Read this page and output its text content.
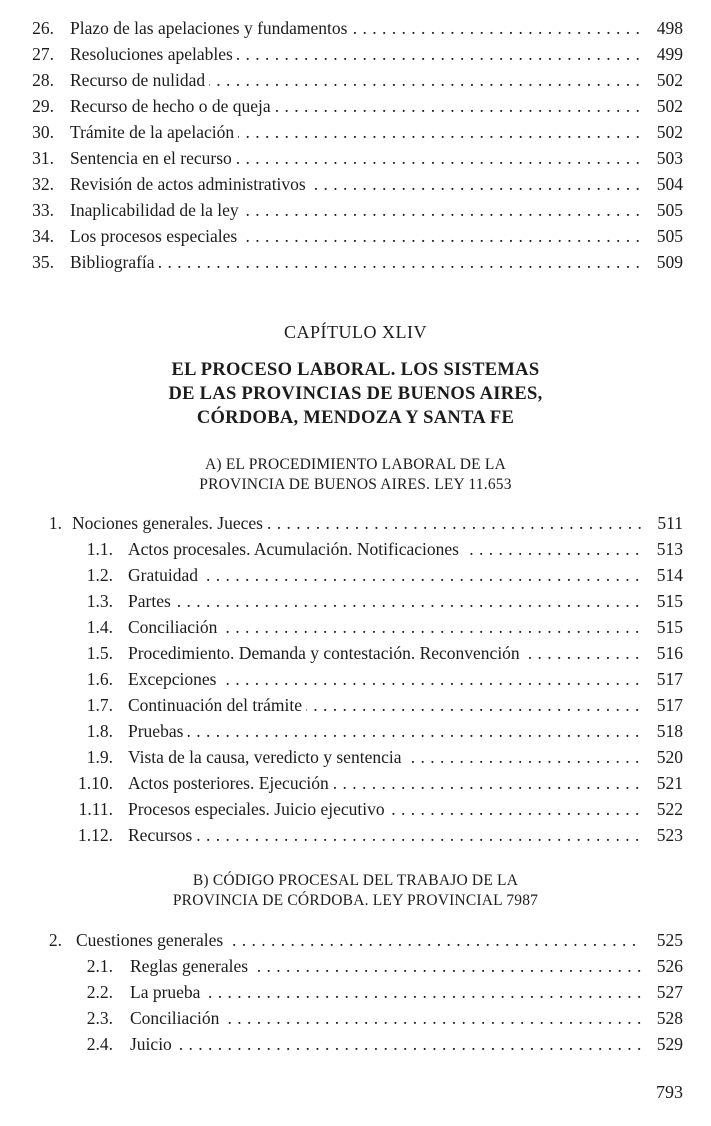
26. Plazo de las apelaciones y fundamentos . . .	498
27. Resoluciones apelables . . .	499
28. Recurso de nulidad . . .	502
29. Recurso de hecho o de queja . . .	502
30. Trámite de la apelación . . .	502
31. Sentencia en el recurso . . .	503
32. Revisión de actos administrativos . . .	504
33. Inaplicabilidad de la ley . . .	505
34. Los procesos especiales . . .	505
35. Bibliografía . . .	509
CAPÍTULO XLIV
EL PROCESO LABORAL. LOS SISTEMAS
DE LAS PROVINCIAS DE BUENOS AIRES,
CÓRDOBA, MENDOZA Y SANTA FE
A) EL PROCEDIMIENTO LABORAL DE LA
PROVINCIA DE BUENOS AIRES. LEY 11.653
1. Nociones generales. Jueces . . .	511
1.1. Actos procesales. Acumulación. Notificaciones . . .	513
1.2. Gratuidad . . .	514
1.3. Partes . . .	515
1.4. Conciliación . . .	515
1.5. Procedimiento. Demanda y contestación. Reconvención . . .	516
1.6. Excepciones . . .	517
1.7. Continuación del trámite . . .	517
1.8. Pruebas . . .	518
1.9. Vista de la causa, veredicto y sentencia . . .	520
1.10. Actos posteriores. Ejecución . . .	521
1.11. Procesos especiales. Juicio ejecutivo . . .	522
1.12. Recursos . . .	523
B) CÓDIGO PROCESAL DEL TRABAJO DE LA
PROVINCIA DE CÓRDOBA. LEY PROVINCIAL 7987
2. Cuestiones generales . . .	525
2.1. Reglas generales . . .	526
2.2. La prueba . . .	527
2.3. Conciliación . . .	528
2.4. Juicio . . .	529
793
